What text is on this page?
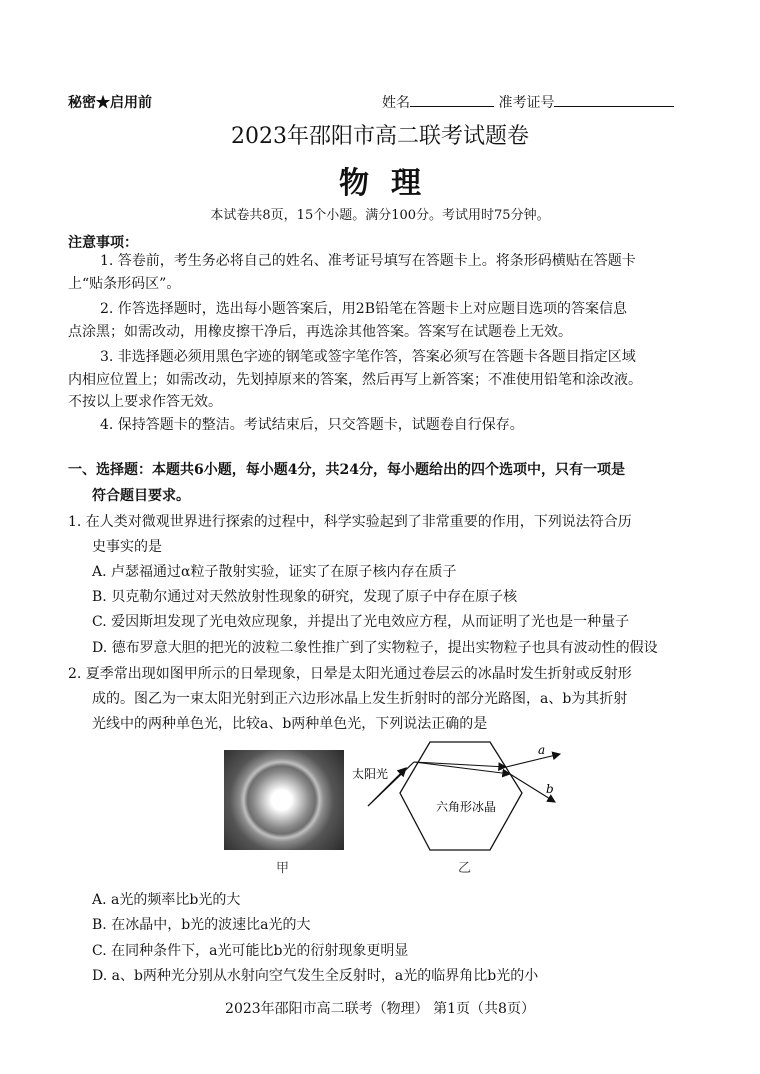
秘密★启用前	姓名	准考证号
2023年邵阳市高二联考试题卷
物理
本试卷共8页，15个小题。满分100分。考试用时75分钟。
注意事项：
1. 答卷前，考生务必将自己的姓名、准考证号填写在答题卡上。将条形码横贴在答题卡
上“贴条形码区”。
2. 作答选择题时，选出每小题答案后，用2B铅笔在答题卡上对应题目选项的答案信息
点涂黑；如需改动，用橡皮擦干净后，再选涂其他答案。答案写在试题卷上无效。
3. 非选择题必须用黑色字迹的钢笔或签字笔作答，答案必须写在答题卡各题目指定区域
内相应位置上；如需改动，先划掉原来的答案，然后再写上新答案；不准使用铅笔和涂改液。
不按以上要求作答无效。
4. 保持答题卡的整洁。考试结束后，只交答题卡，试题卷自行保存。
一、选择题：本题共6小题，每小题4分，共24分，每小题给出的四个选项中，只有一项是
符合题目要求。
1. 在人类对微观世界进行探索的过程中，科学实验起到了非常重要的作用，下列说法符合历
史事实的是
A. 卢瑟福通过α粒子散射实验，证实了在原子核内存在质子
B. 贝克勒尔通过对天然放射性现象的研究，发现了原子中存在原子核
C. 爱因斯坦发现了光电效应现象，并提出了光电效应方程，从而证明了光也是一种量子
D. 德布罗意大胆的把光的波粒二象性推广到了实物粒子，提出实物粒子也具有波动性的假设
2. 夏季常出现如图甲所示的日晕现象，日晕是太阳光通过卷层云的冰晶时发生折射或反射形
成的。图乙为一束太阳光射到正六边形冰晶上发生折射时的部分光路图，a、b为其折射
光线中的两种单色光，比较a、b两种单色光，下列说法正确的是
甲
太阳光
六角形冰晶
a
b
乙
A. a光的频率比b光的大
B. 在冰晶中，b光的波速比a光的大
C. 在同种条件下，a光可能比b光的衍射现象更明显
D. a、b两种光分别从水射向空气发生全反射时，a光的临界角比b光的小
2023年邵阳市高二联考（物理） 第1页（共8页）
